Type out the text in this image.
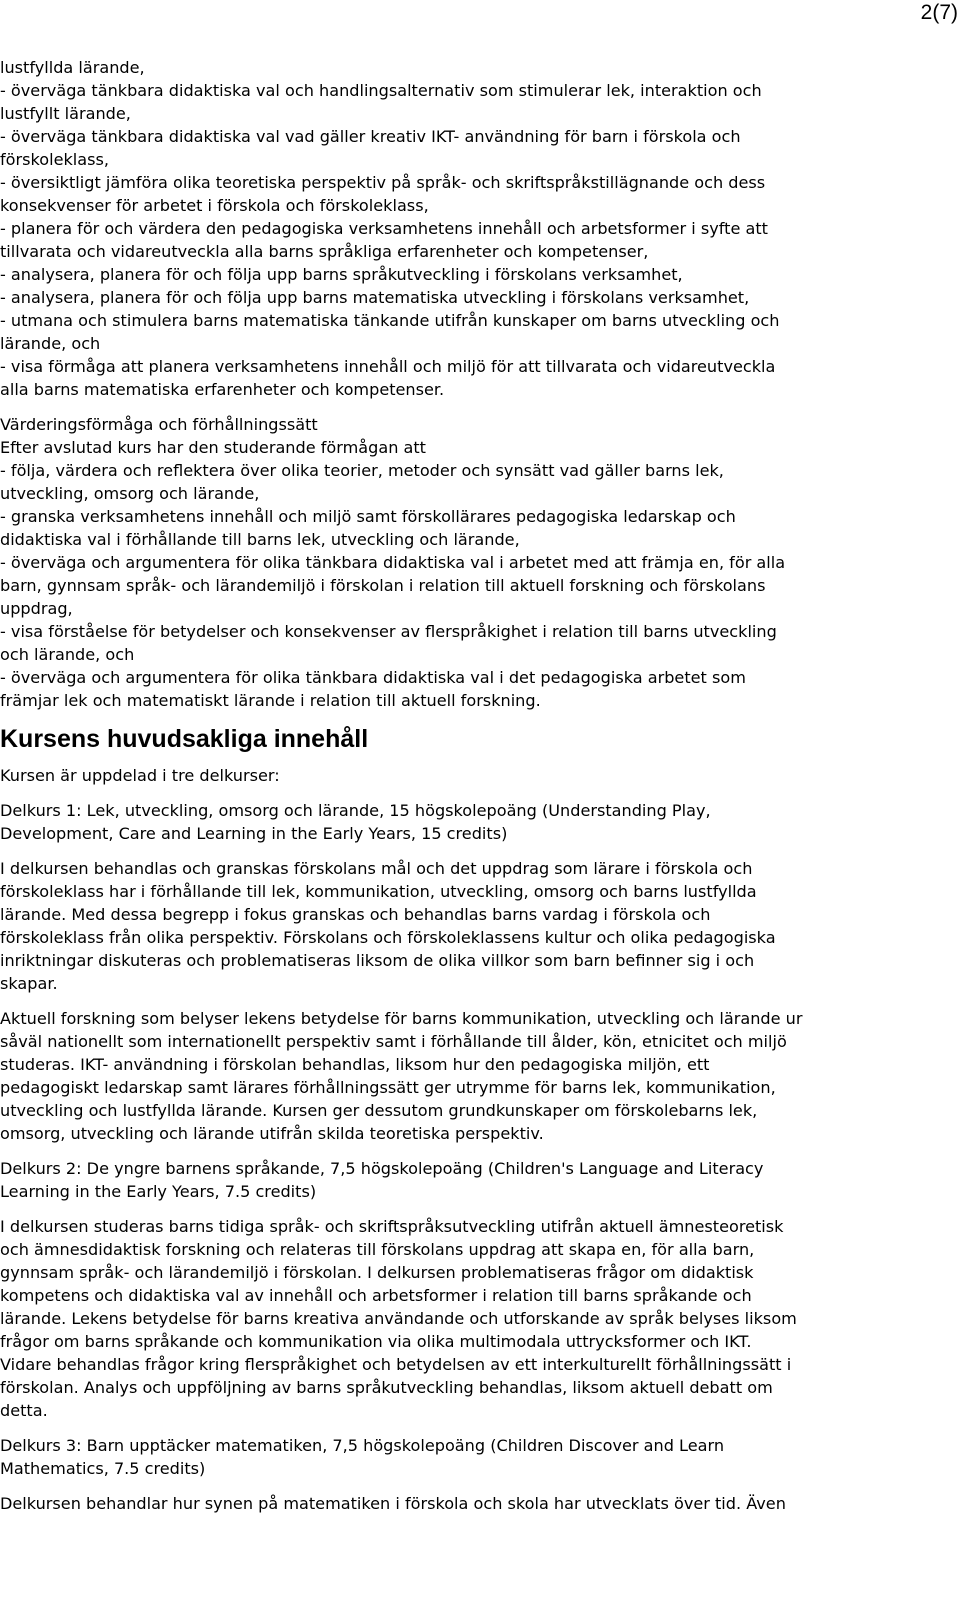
2(7)
lustfyllda lärande,
- överväga tänkbara didaktiska val och handlingsalternativ som stimulerar lek, interaktion och
lustfyllt lärande,
- överväga tänkbara didaktiska val vad gäller kreativ IKT- användning för barn i förskola och
förskoleklass,
- översiktligt jämföra olika teoretiska perspektiv på språk- och skriftspråkstillägnande och dess
konsekvenser för arbetet i förskola och förskoleklass,
- planera för och värdera den pedagogiska verksamhetens innehåll och arbetsformer i syfte att
tillvarata och vidareutveckla alla barns språkliga erfarenheter och kompetenser,
- analysera, planera för och följa upp barns språkutveckling i förskolans verksamhet,
- analysera, planera för och följa upp barns matematiska utveckling i förskolans verksamhet,
- utmana och stimulera barns matematiska tänkande utifrån kunskaper om barns utveckling och
lärande, och
- visa förmåga att planera verksamhetens innehåll och miljö för att tillvarata och vidareutveckla
alla barns matematiska erfarenheter och kompetenser.
Värderingsförmåga och förhållningssätt
Efter avslutad kurs har den studerande förmågan att
- följa, värdera och reflektera över olika teorier, metoder och synsätt vad gäller barns lek,
utveckling, omsorg och lärande,
- granska verksamhetens innehåll och miljö samt förskollärares pedagogiska ledarskap och
didaktiska val i förhållande till barns lek, utveckling och lärande,
- överväga och argumentera för olika tänkbara didaktiska val i arbetet med att främja en, för alla
barn, gynnsam språk- och lärandemiljö i förskolan i relation till aktuell forskning och förskolans
uppdrag,
- visa förståelse för betydelser och konsekvenser av flerspråkighet i relation till barns utveckling
och lärande, och
- överväga och argumentera för olika tänkbara didaktiska val i det pedagogiska arbetet som
främjar lek och matematiskt lärande i relation till aktuell forskning.
Kursens huvudsakliga innehåll
Kursen är uppdelad i tre delkurser:
Delkurs 1: Lek, utveckling, omsorg och lärande, 15 högskolepoäng (Understanding Play,
Development, Care and Learning in the Early Years, 15 credits)
I delkursen behandlas och granskas förskolans mål och det uppdrag som lärare i förskola och
förskoleklass har i förhållande till lek, kommunikation, utveckling, omsorg och barns lustfyllda
lärande. Med dessa begrepp i fokus granskas och behandlas barns vardag i förskola och
förskoleklass från olika perspektiv. Förskolans och förskoleklassens kultur och olika pedagogiska
inriktningar diskuteras och problematiseras liksom de olika villkor som barn befinner sig i och
skapar.
Aktuell forskning som belyser lekens betydelse för barns kommunikation, utveckling och lärande ur
såväl nationellt som internationellt perspektiv samt i förhållande till ålder, kön, etnicitet och miljö
studeras. IKT- användning i förskolan behandlas, liksom hur den pedagogiska miljön, ett
pedagogiskt ledarskap samt lärares förhållningssätt ger utrymme för barns lek, kommunikation,
utveckling och lustfyllda lärande. Kursen ger dessutom grundkunskaper om förskolebarns lek,
omsorg, utveckling och lärande utifrån skilda teoretiska perspektiv.
Delkurs 2: De yngre barnens språkande, 7,5 högskolepoäng (Children's Language and Literacy
Learning in the Early Years, 7.5 credits)
I delkursen studeras barns tidiga språk- och skriftspråksutveckling utifrån aktuell ämnesteoretisk
och ämnesdidaktisk forskning och relateras till förskolans uppdrag att skapa en, för alla barn,
gynnsam språk- och lärandemiljö i förskolan. I delkursen problematiseras frågor om didaktisk
kompetens och didaktiska val av innehåll och arbetsformer i relation till barns språkande och
lärande. Lekens betydelse för barns kreativa användande och utforskande av språk belyses liksom
frågor om barns språkande och kommunikation via olika multimodala uttrycksformer och IKT.
Vidare behandlas frågor kring flerspråkighet och betydelsen av ett interkulturellt förhållningssätt i
förskolan. Analys och uppföljning av barns språkutveckling behandlas, liksom aktuell debatt om
detta.
Delkurs 3: Barn upptäcker matematiken, 7,5 högskolepoäng (Children Discover and Learn
Mathematics, 7.5 credits)
Delkursen behandlar hur synen på matematiken i förskola och skola har utvecklats över tid. Även
